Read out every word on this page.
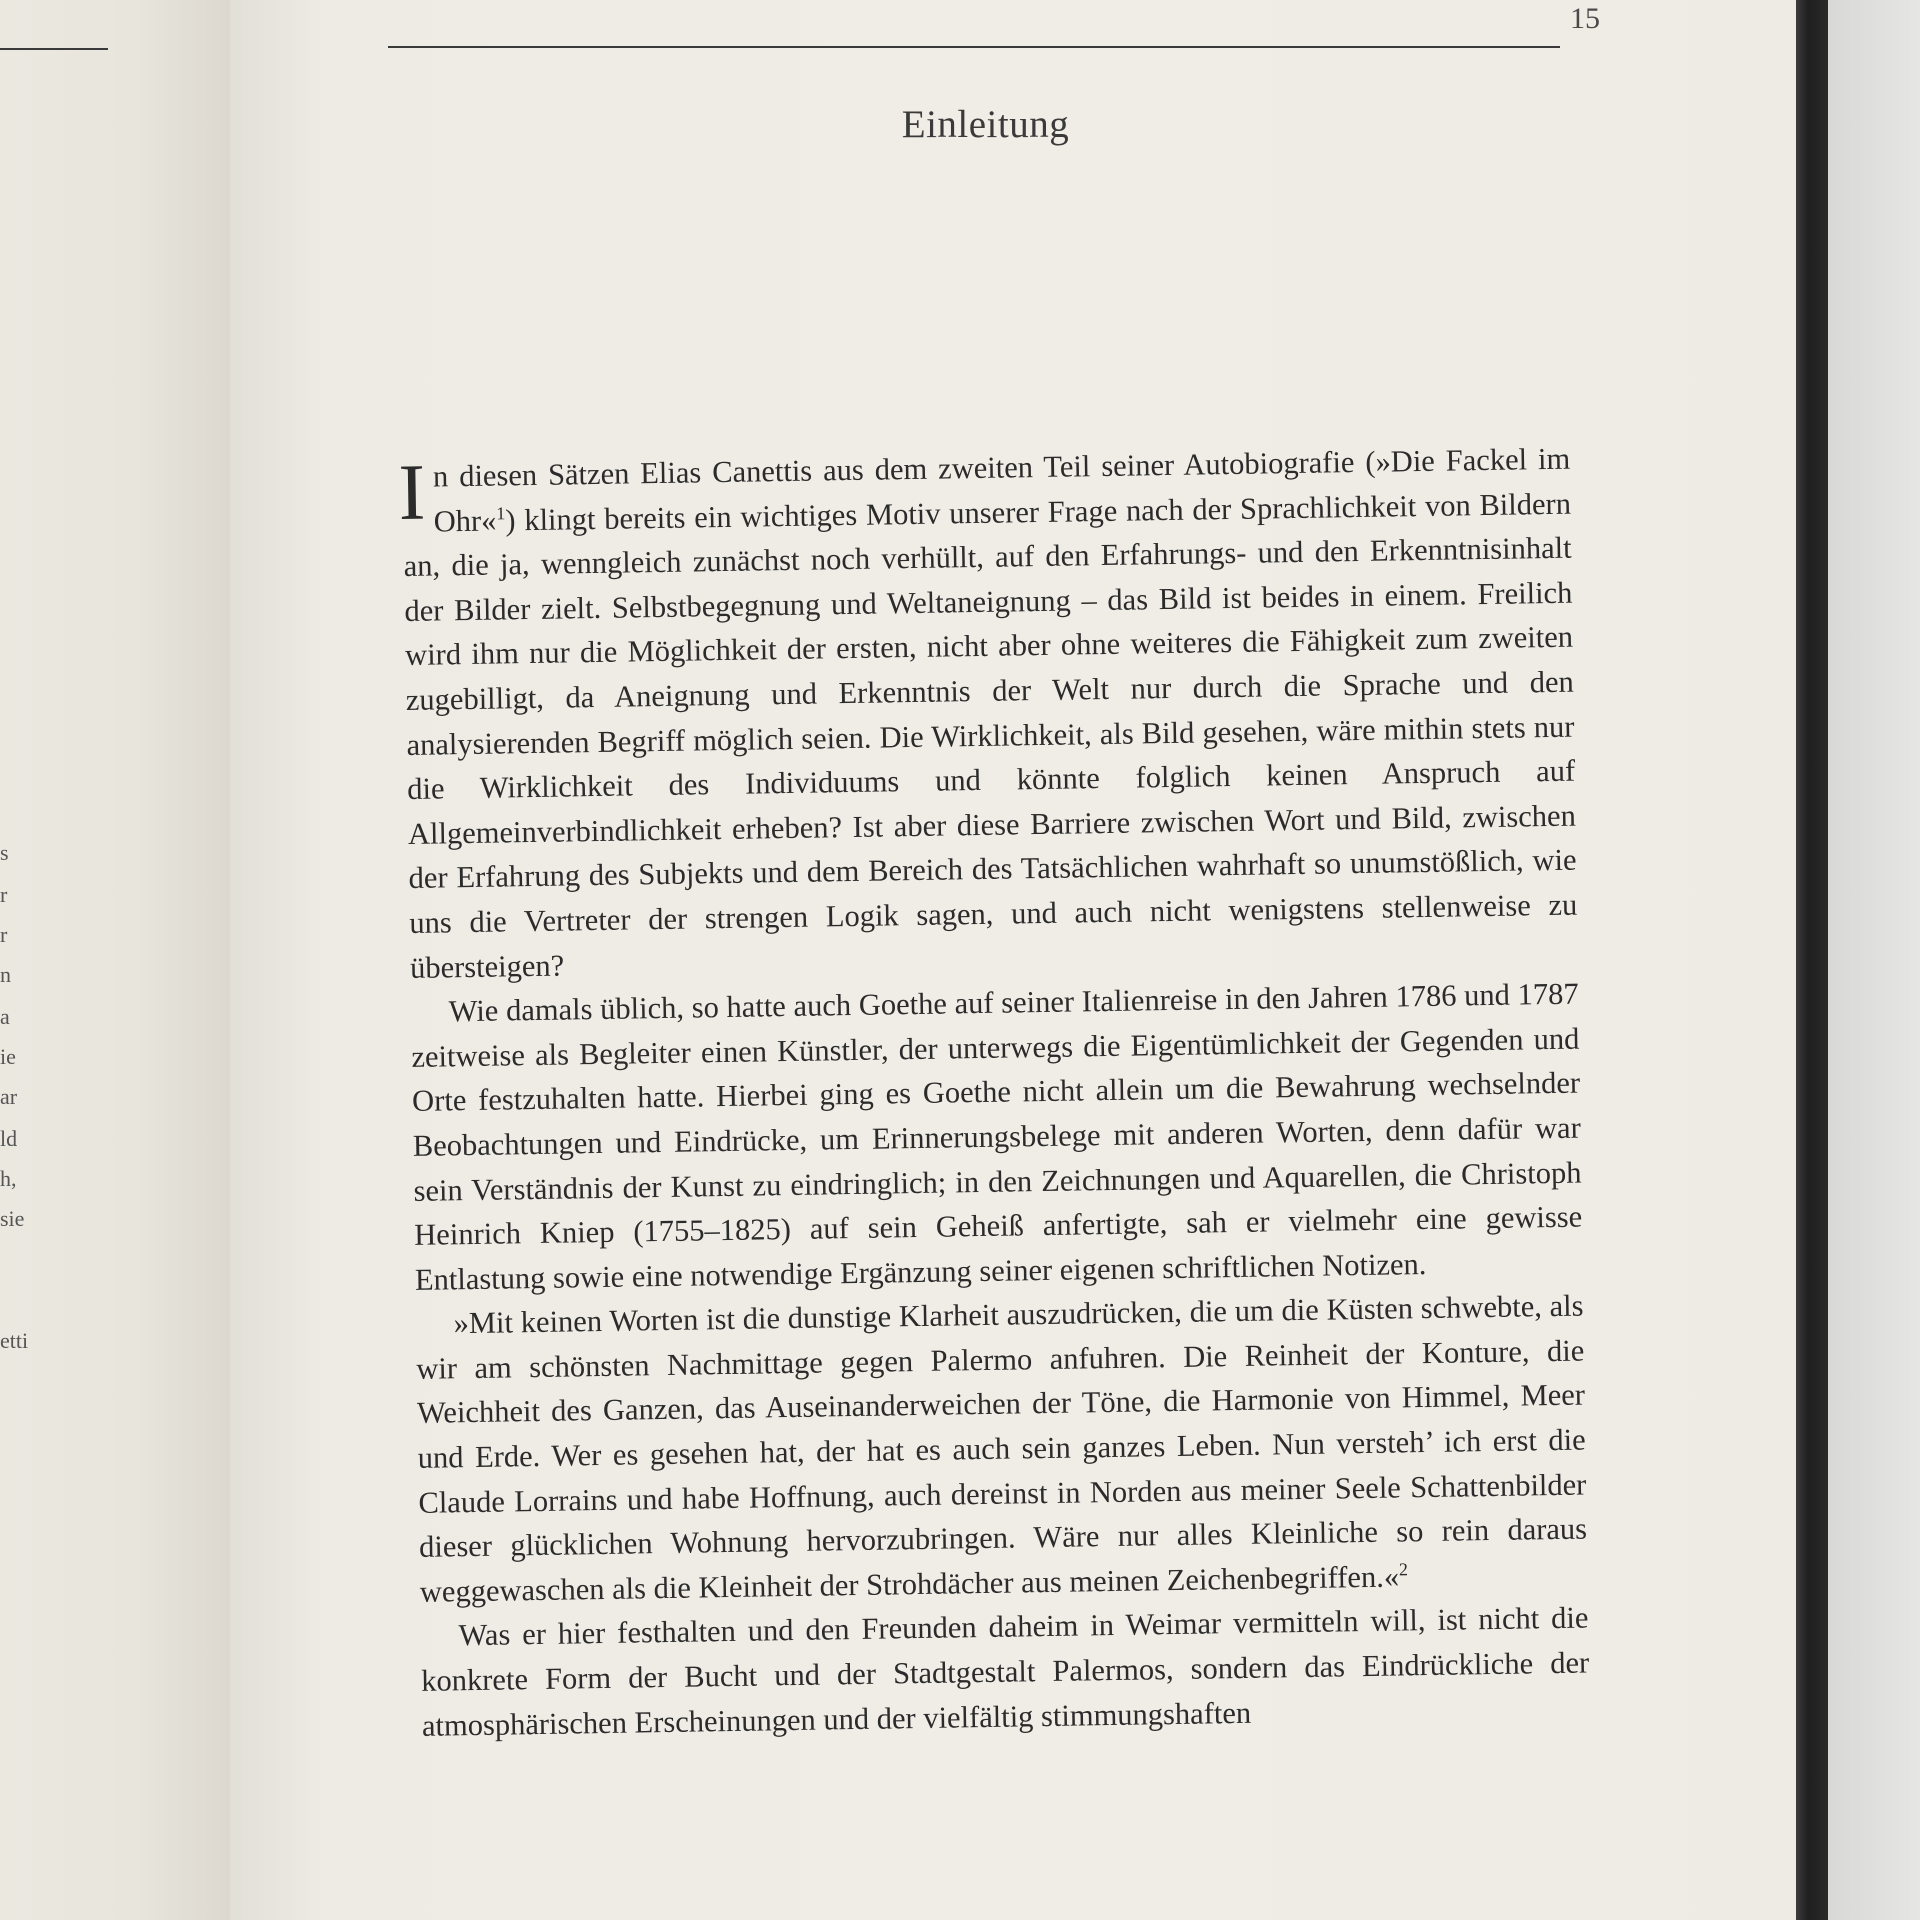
s
r
r
n
a
ie
ar
ld
h,
sie
etti
15
Einleitung

In diesen Sätzen Elias Canettis aus dem zweiten Teil seiner Autobiografie (»Die Fackel im Ohr«$^1$) klingt bereits ein wichtiges Motiv unserer Frage nach der Sprachlichkeit von Bildern an, die ja, wenngleich zunächst noch verhüllt, auf den Erfahrungs- und den Erkenntnisinhalt der Bilder zielt. Selbstbegegnung und Weltaneignung – das Bild ist beides in einem. Freilich wird ihm nur die Möglichkeit der ersten, nicht aber ohne weiteres die Fähigkeit zum zweiten zugebilligt, da Aneignung und Erkenntnis der Welt nur durch die Sprache und den analysierenden Begriff möglich seien. Die Wirklichkeit, als Bild gesehen, wäre mithin stets nur die Wirklichkeit des Individuums und könnte folglich keinen Anspruch auf Allgemeinverbindlichkeit erheben? Ist aber diese Barriere zwischen Wort und Bild, zwischen der Erfahrung des Subjekts und dem Bereich des Tatsächlichen wahrhaft so unumstößlich, wie uns die Vertreter der strengen Logik sagen, und auch nicht wenigstens stellenweise zu übersteigen?

Wie damals üblich, so hatte auch Goethe auf seiner Italienreise in den Jahren 1786 und 1787 zeitweise als Begleiter einen Künstler, der unterwegs die Eigentümlichkeit der Gegenden und Orte festzuhalten hatte. Hierbei ging es Goethe nicht allein um die Bewahrung wechselnder Beobachtungen und Eindrücke, um Erinnerungsbelege mit anderen Worten, denn dafür war sein Verständnis der Kunst zu eindringlich; in den Zeichnungen und Aquarellen, die Christoph Heinrich Kniep (1755–1825) auf sein Geheiß anfertigte, sah er vielmehr eine gewisse Entlastung sowie eine notwendige Ergänzung seiner eigenen schriftlichen Notizen.

»Mit keinen Worten ist die dunstige Klarheit auszudrücken, die um die Küsten schwebte, als wir am schönsten Nachmittage gegen Palermo anfuhren. Die Reinheit der Konture, die Weichheit des Ganzen, das Auseinanderweichen der Töne, die Harmonie von Himmel, Meer und Erde. Wer es gesehen hat, der hat es auch sein ganzes Leben. Nun versteh’ ich erst die Claude Lorrains und habe Hoffnung, auch dereinst in Norden aus meiner Seele Schattenbilder dieser glücklichen Wohnung hervorzubringen. Wäre nur alles Kleinliche so rein daraus weggewaschen als die Kleinheit der Strohdächer aus meinen Zeichenbegriffen.«$^2$

Was er hier festhalten und den Freunden daheim in Weimar vermitteln will, ist nicht die konkrete Form der Bucht und der Stadtgestalt Palermos, sondern das Eindrückliche der atmosphärischen Erscheinungen und der vielfältig stimmungshaften
